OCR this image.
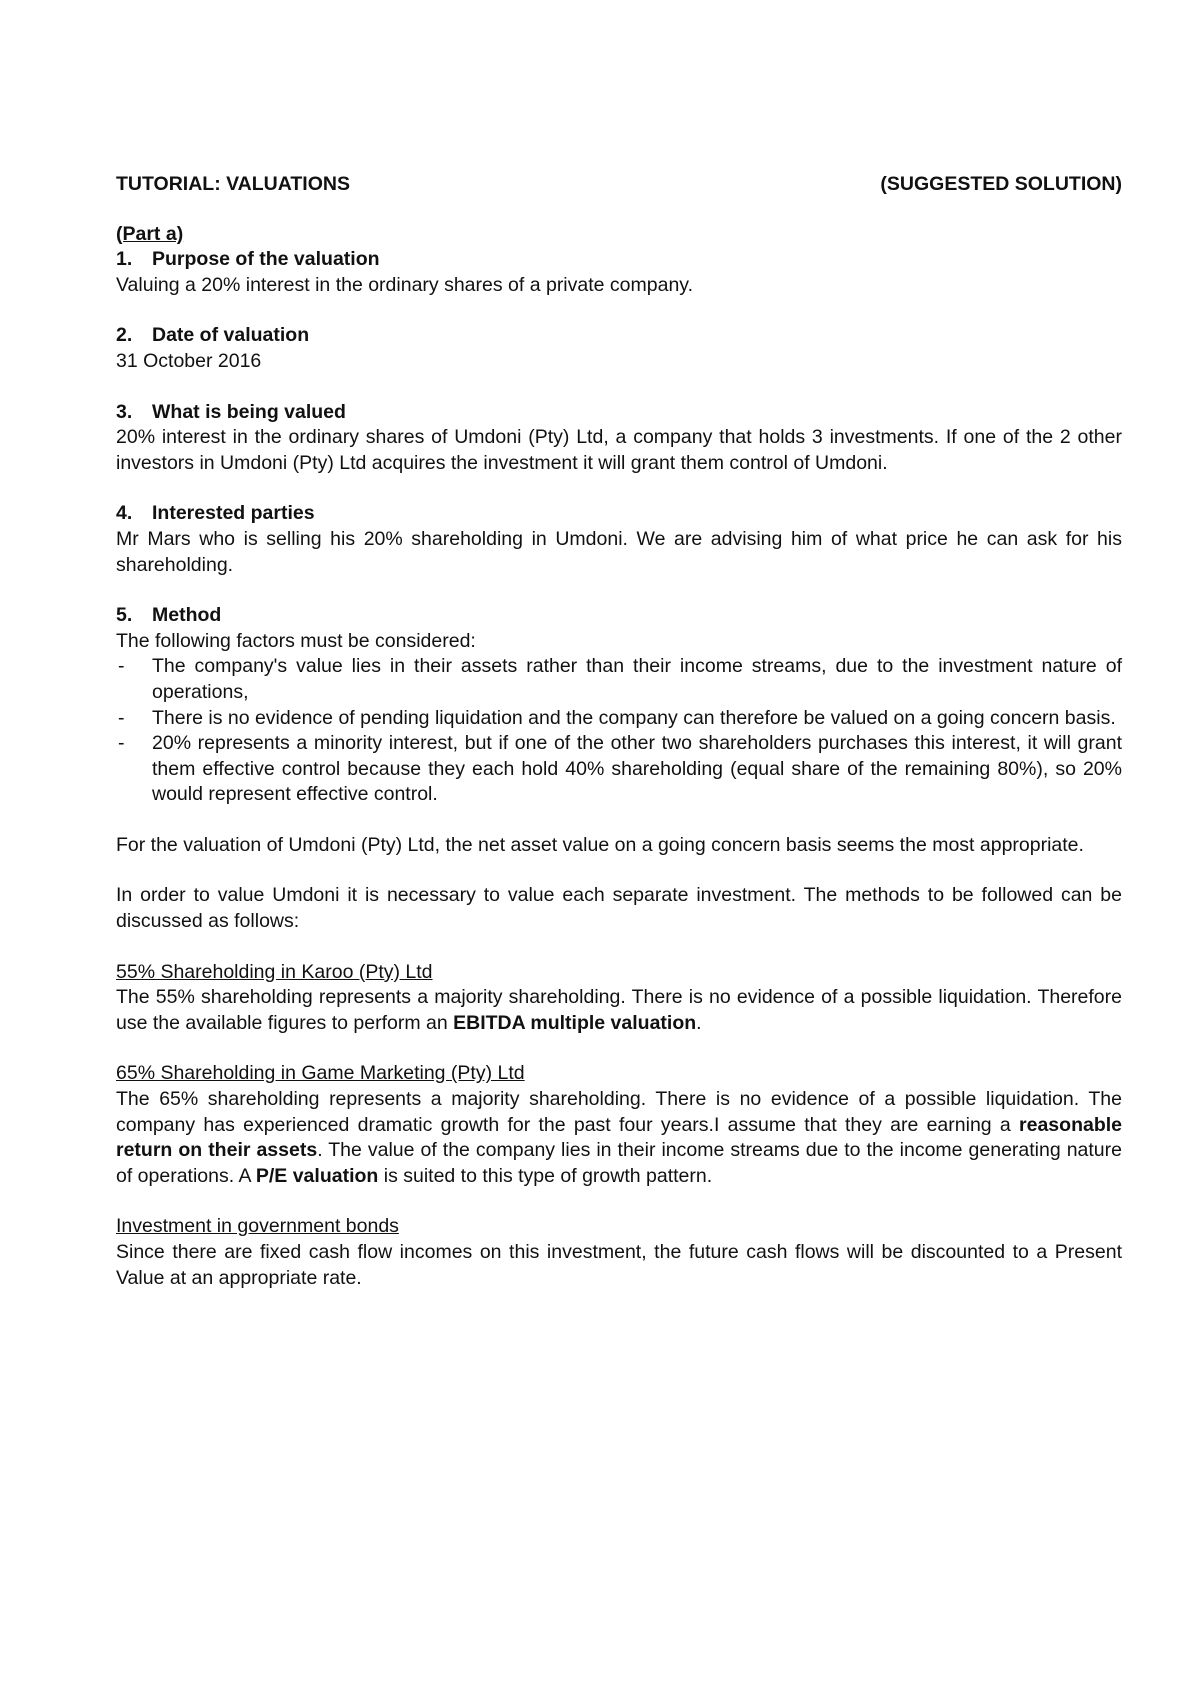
TUTORIAL: VALUATIONS	(SUGGESTED SOLUTION)

(Part a)

1. Purpose of the valuation

Valuing a 20% interest in the ordinary shares of a private company.

2. Date of valuation

31 October 2016

3. What is being valued

20% interest in the ordinary shares of Umdoni (Pty) Ltd, a company that holds 3 investments. If one of the 2 other investors in Umdoni (Pty) Ltd acquires the investment it will grant them control of Umdoni.

4. Interested parties

Mr Mars who is selling his 20% shareholding in Umdoni. We are advising him of what price he can ask for his shareholding.

5. Method

The following factors must be considered:

- The company's value lies in their assets rather than their income streams, due to the investment nature of operations,
- There is no evidence of pending liquidation and the company can therefore be valued on a going concern basis.
- 20% represents a minority interest, but if one of the other two shareholders purchases this interest, it will grant them effective control because they each hold 40% shareholding (equal share of the remaining 80%), so 20% would represent effective control.

For the valuation of Umdoni (Pty) Ltd, the net asset value on a going concern basis seems the most appropriate.

In order to value Umdoni it is necessary to value each separate investment. The methods to be followed can be discussed as follows:

55% Shareholding in Karoo (Pty) Ltd

The 55% shareholding represents a majority shareholding. There is no evidence of a possible liquidation. Therefore use the available figures to perform an EBITDA multiple valuation.

65% Shareholding in Game Marketing (Pty) Ltd

The 65% shareholding represents a majority shareholding. There is no evidence of a possible liquidation. The company has experienced dramatic growth for the past four years.I assume that they are earning a reasonable return on their assets. The value of the company lies in their income streams due to the income generating nature of operations. A P/E valuation is suited to this type of growth pattern.

Investment in government bonds

Since there are fixed cash flow incomes on this investment, the future cash flows will be discounted to a Present Value at an appropriate rate.
